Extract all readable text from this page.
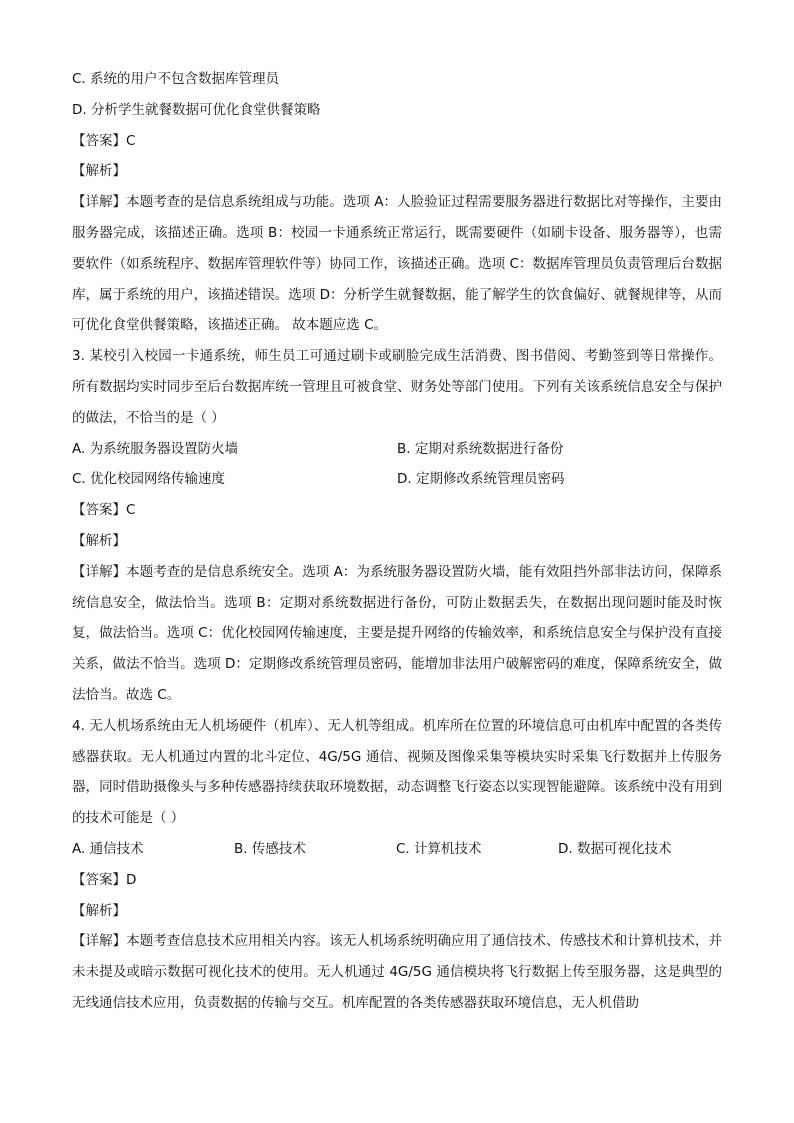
C. 系统的用户不包含数据库管理员
D. 分析学生就餐数据可优化食堂供餐策略
【答案】C
【解析】
【详解】本题考查的是信息系统组成与功能。选项 A：人脸验证过程需要服务器进行数据比对等操作，主要由服务器完成，该描述正确。选项 B：校园一卡通系统正常运行，既需要硬件（如刷卡设备、服务器等），也需要软件（如系统程序、数据库管理软件等）协同工作，该描述正确。选项 C：数据库管理员负责管理后台数据库，属于系统的用户，该描述错误。选项 D：分析学生就餐数据，能了解学生的饮食偏好、就餐规律等，从而可优化食堂供餐策略，该描述正确。 故本题应选 C。
3. 某校引入校园一卡通系统，师生员工可通过刷卡或刷脸完成生活消费、图书借阅、考勤签到等日常操作。所有数据均实时同步至后台数据库统一管理且可被食堂、财务处等部门使用。下列有关该系统信息安全与保护的做法，不恰当的是（ ）
A. 为系统服务器设置防火墙	B. 定期对系统数据进行备份
C. 优化校园网络传输速度	D. 定期修改系统管理员密码
【答案】C
【解析】
【详解】本题考查的是信息系统安全。选项 A：为系统服务器设置防火墙，能有效阻挡外部非法访问，保障系统信息安全，做法恰当。选项 B：定期对系统数据进行备份，可防止数据丢失，在数据出现问题时能及时恢复，做法恰当。选项 C：优化校园网传输速度，主要是提升网络的传输效率，和系统信息安全与保护没有直接关系，做法不恰当。选项 D：定期修改系统管理员密码，能增加非法用户破解密码的难度，保障系统安全，做法恰当。故选 C。
4. 无人机场系统由无人机场硬件（机库）、无人机等组成。机库所在位置的环境信息可由机库中配置的各类传感器获取。无人机通过内置的北斗定位、4G/5G 通信、视频及图像采集等模块实时采集飞行数据并上传服务器，同时借助摄像头与多种传感器持续获取环境数据，动态调整飞行姿态以实现智能避障。该系统中没有用到的技术可能是（ ）
A. 通信技术	B. 传感技术	C. 计算机技术	D. 数据可视化技术
【答案】D
【解析】
【详解】本题考查信息技术应用相关内容。该无人机场系统明确应用了通信技术、传感技术和计算机技术，并未未提及或暗示数据可视化技术的使用。无人机通过 4G/5G 通信模块将飞行数据上传至服务器，这是典型的无线通信技术应用，负责数据的传输与交互。机库配置的各类传感器获取环境信息，无人机借助
